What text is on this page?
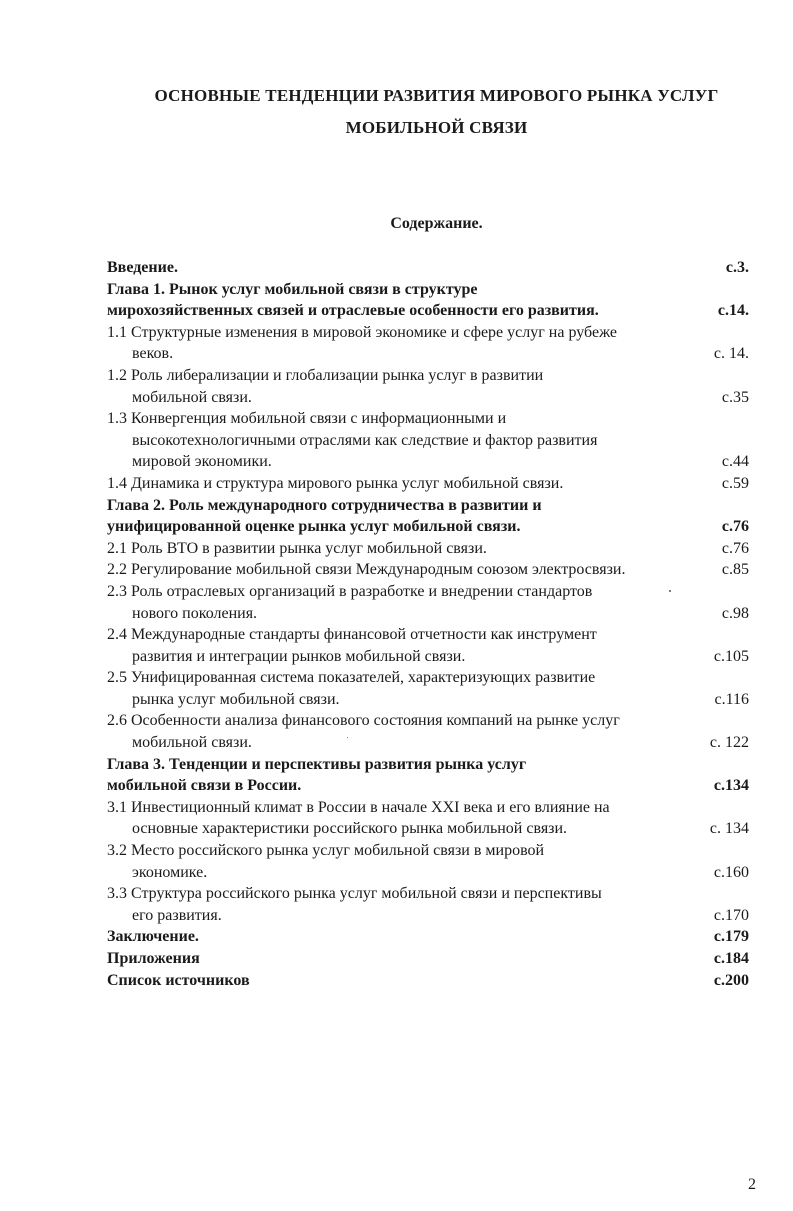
ОСНОВНЫЕ ТЕНДЕНЦИИ РАЗВИТИЯ МИРОВОГО РЫНКА УСЛУГ
МОБИЛЬНОЙ СВЯЗИ
Содержание.
Введение.	с.3.
Глава 1. Рынок услуг мобильной связи в структуре
мирохозяйственных связей и отраслевые особенности его развития.	с.14.
1.1 Структурные изменения в мировой экономике и сфере услуг на рубеже
веков.	с. 14.
1.2 Роль либерализации и глобализации рынка услуг в развитии
мобильной связи.	с.35
1.3 Конвергенция мобильной связи с информационными и
высокотехнологичными отраслями как следствие и фактор развития
мировой экономики.	с.44
1.4 Динамика и структура мирового рынка услуг мобильной связи.	с.59
Глава 2. Роль международного сотрудничества в развитии и
унифицированной оценке рынка услуг мобильной связи.	с.76
2.1 Роль ВТО в развитии рынка услуг мобильной связи.	с.76
2.2 Регулирование мобильной связи Международным союзом электросвязи.	с.85
2.3 Роль отраслевых организаций в разработке и внедрении стандартов
нового поколения.	с.98
2.4 Международные стандарты финансовой отчетности как инструмент
развития и интеграции рынков мобильной связи.	с.105
2.5 Унифицированная система показателей, характеризующих развитие
рынка услуг мобильной связи.	с.116
2.6 Особенности анализа финансового состояния компаний на рынке услуг
мобильной связи.	с. 122
Глава 3. Тенденции и перспективы развития рынка услуг
мобильной связи в России.	с.134
3.1 Инвестиционный климат в России в начале XXI века и его влияние на
основные характеристики российского рынка мобильной связи.	с. 134
3.2 Место российского рынка услуг мобильной связи в мировой
экономике.	с.160
3.3 Структура российского рынка услуг мобильной связи и перспективы
его развития.	с.170
Заключение.	с.179
Приложения	с.184
Список источников	с.200
2
